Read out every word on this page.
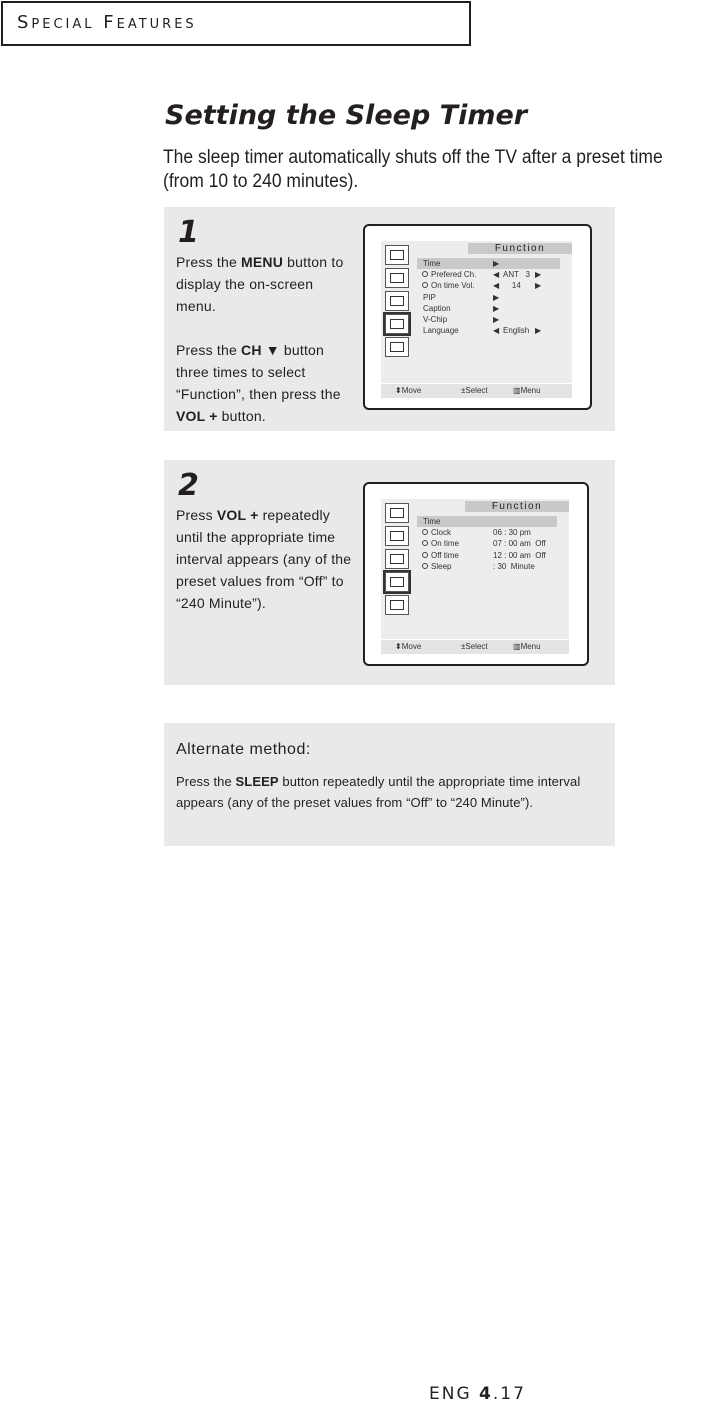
Special Features
Setting the Sleep Timer
The sleep timer automatically shuts off the TV after a preset time (from 10 to 240 minutes).
1

Press the MENU button to display the on-screen menu.

Press the CH ▼ button three times to select “Function”, then press the VOL + button.

Function
Time	▶
Prefered Ch. ◀ ANT   3 ▶
On time Vol. ◀ 14 ▶
PIP	▶
Caption	▶
V-Chip	▶
Language	◀ English ▶
⬍ Move	± Select	▥ Menu
2

Press VOL + repeatedly until the appropriate time interval appears (any of the preset values from “Off” to “240 Minute”).

Function
Time
Clock	06 : 30 pm
On time	07 : 00 am  Off
Off time	12 : 00 am  Off
Sleep	: 30  Minute
⬍ Move	± Select	▥ Menu
Alternate method:
Press the SLEEP button repeatedly until the appropriate time interval appears (any of the preset values from “Off” to “240 Minute”).
ENG 4.17
